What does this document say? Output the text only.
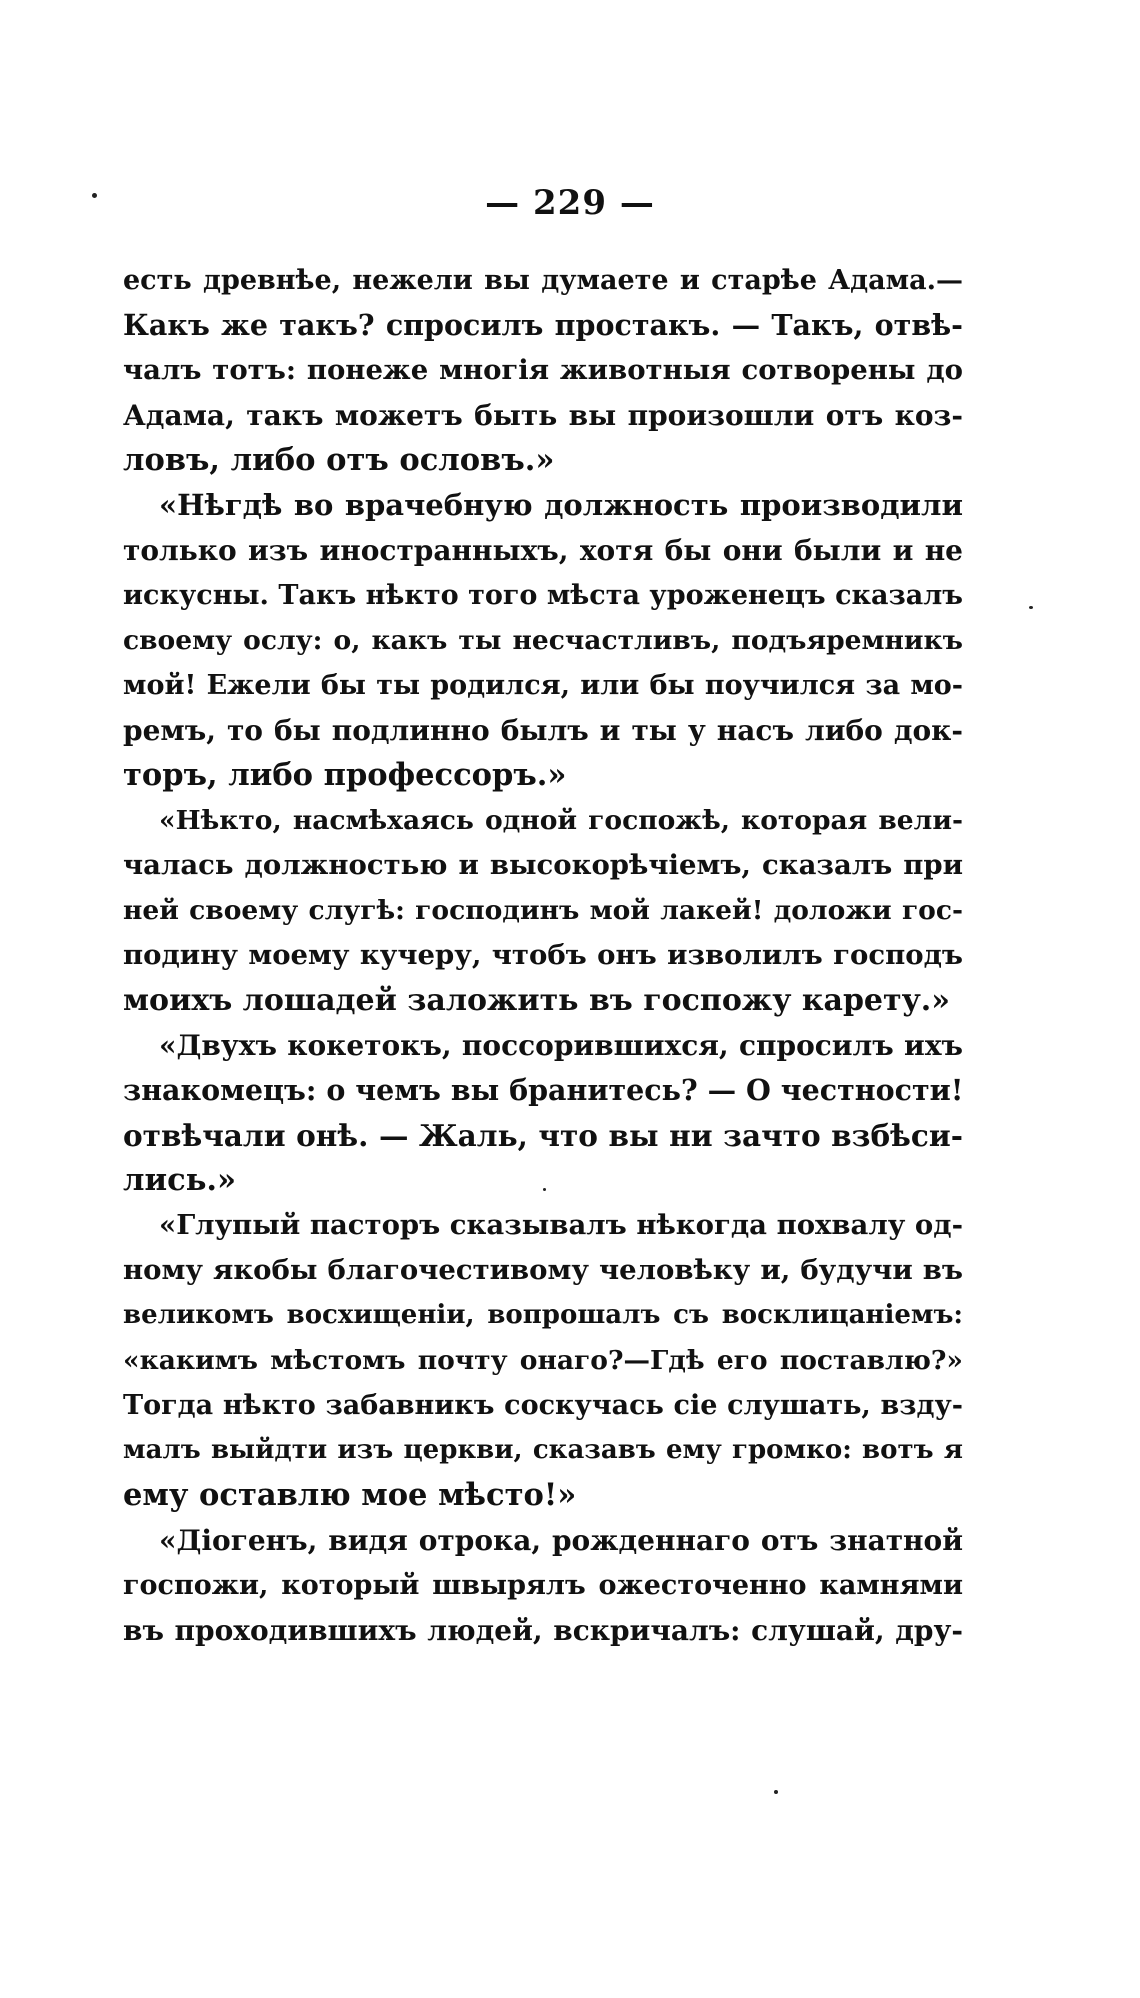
— 229 —
есть древнѣе, нежели вы думаете и старѣе Адама.—
Какъ же такъ? спросилъ простакъ. — Такъ, отвѣ-
чалъ тотъ: понеже многія животныя сотворены до
Адама, такъ можетъ быть вы произошли отъ коз-
ловъ, либо отъ ословъ.»
«Нѣгдѣ во врачебную должность производили
только изъ иностранныхъ, хотя бы они были и не
искусны. Такъ нѣкто того мѣста уроженецъ сказалъ
своему ослу: о, какъ ты несчастливъ, подъяремникъ
мой! Ежели бы ты родился, или бы поучился за мо-
ремъ, то бы подлинно былъ и ты у насъ либо док-
торъ, либо профессоръ.»
«Нѣкто, насмѣхаясь одной госпожѣ, которая вели-
чалась должностью и высокорѣчіемъ, сказалъ при
ней своему слугѣ: господинъ мой лакей! доложи гос-
подину моему кучеру, чтобъ онъ изволилъ господъ
моихъ лошадей заложить въ госпожу карету.»
«Двухъ кокетокъ, поссорившихся, спросилъ ихъ
знакомецъ: о чемъ вы бранитесь? — О честности!
отвѣчали онѣ. — Жаль, что вы ни зачто взбѣси-
лись.»
«Глупый пасторъ сказывалъ нѣкогда похвалу од-
ному якобы благочестивому человѣку и, будучи въ
великомъ восхищеніи, вопрошалъ съ восклицаніемъ:
«какимъ мѣстомъ почту онаго?—Гдѣ его поставлю?»
Тогда нѣкто забавникъ соскучась сіе слушать, взду-
малъ выйдти изъ церкви, сказавъ ему громко: вотъ я
ему оставлю мое мѣсто!»
«Діогенъ, видя отрока, рожденнаго отъ знатной
госпожи, который швырялъ ожесточенно камнями
въ проходившихъ людей, вскричалъ: слушай, дру-
